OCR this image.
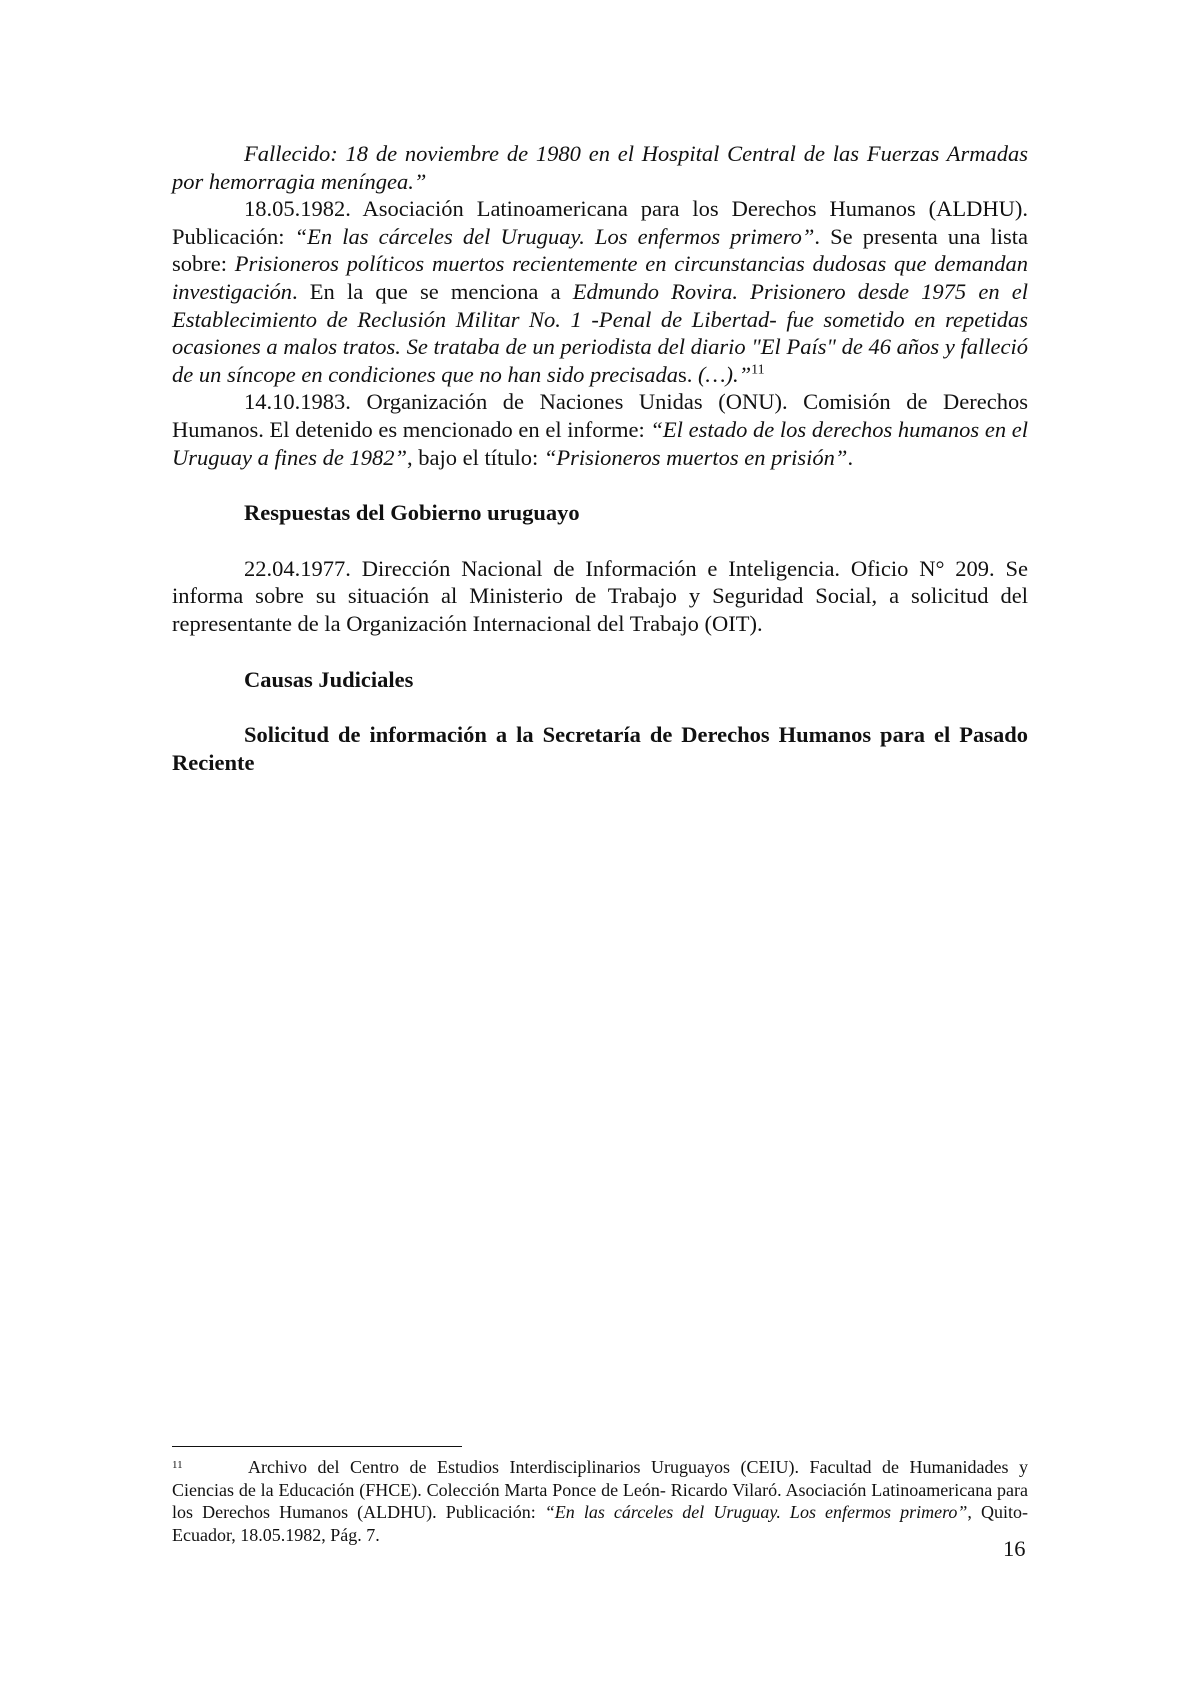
Fallecido: 18 de noviembre de 1980 en el Hospital Central de las Fuerzas Armadas por hemorragia meníngea.”

18.05.1982. Asociación Latinoamericana para los Derechos Humanos (ALDHU). Publicación: “En las cárceles del Uruguay. Los enfermos primero”. Se presenta una lista sobre: Prisioneros políticos muertos recientemente en circunstancias dudosas que demandan investigación. En la que se menciona a Edmundo Rovira. Prisionero desde 1975 en el Establecimiento de Reclusión Militar No. 1 -Penal de Libertad- fue sometido en repetidas ocasiones a malos tratos. Se trataba de un periodista del diario "El País" de 46 años y falleció de un síncope en condiciones que no han sido precisadas. (…).”$^{11}$

14.10.1983. Organización de Naciones Unidas (ONU). Comisión de Derechos Humanos. El detenido es mencionado en el informe: “El estado de los derechos humanos en el Uruguay a fines de 1982”, bajo el título: “Prisioneros muertos en prisión”.

Respuestas del Gobierno uruguayo

22.04.1977. Dirección Nacional de Información e Inteligencia. Oficio N° 209. Se informa sobre su situación al Ministerio de Trabajo y Seguridad Social, a solicitud del representante de la Organización Internacional del Trabajo (OIT).

Causas Judiciales

Solicitud de información a la Secretaría de Derechos Humanos para el Pasado Reciente

11	Archivo del Centro de Estudios Interdisciplinarios Uruguayos (CEIU). Facultad de Humanidades y Ciencias de la Educación (FHCE). Colección Marta Ponce de León- Ricardo Vilaró. Asociación Latinoamericana para los Derechos Humanos (ALDHU). Publicación: “En las cárceles del Uruguay. Los enfermos primero”, Quito- Ecuador, 18.05.1982, Pág. 7.

16
